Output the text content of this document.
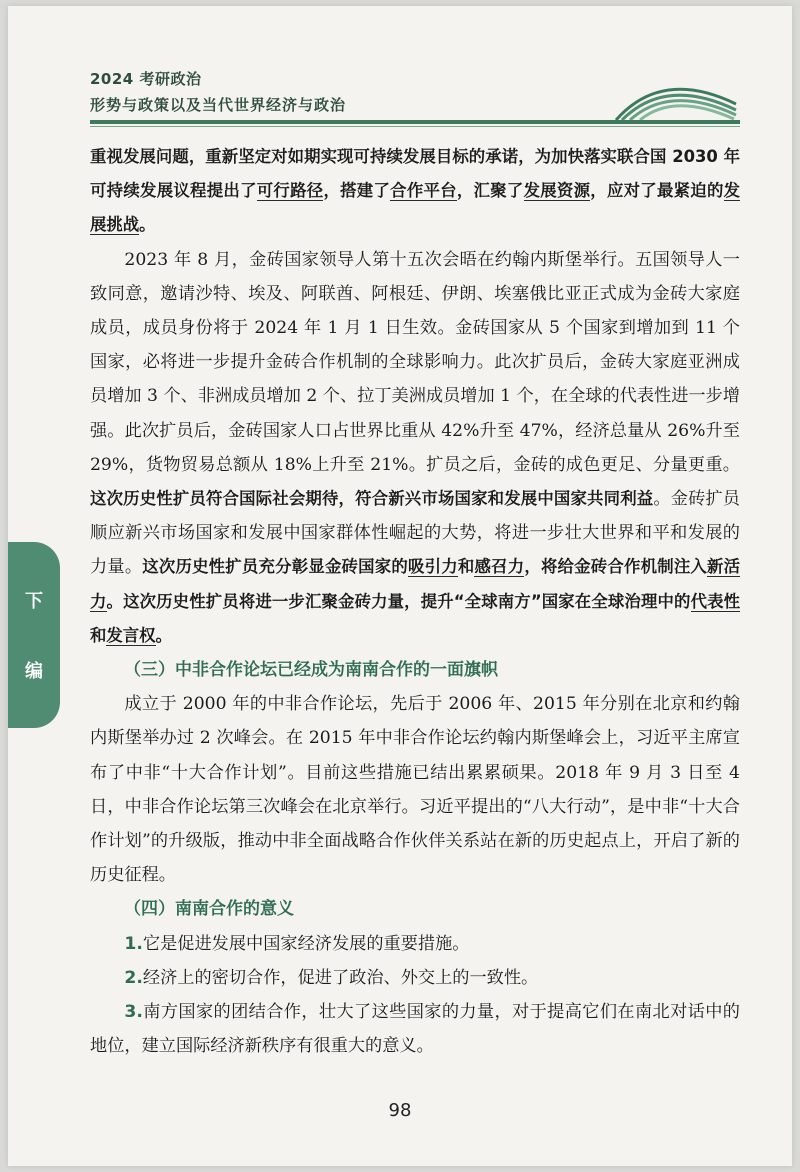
2024 考研政治
形势与政策以及当代世界经济与政治
下
编

重视发展问题，重新坚定对如期实现可持续发展目标的承诺，为加快落实联合国 2030 年可持续发展议程提出了可行路径，搭建了合作平台，汇聚了发展资源，应对了最紧迫的发展挑战。

2023 年 8 月，金砖国家领导人第十五次会晤在约翰内斯堡举行。五国领导人一致同意，邀请沙特、埃及、阿联酋、阿根廷、伊朗、埃塞俄比亚正式成为金砖大家庭成员，成员身份将于 2024 年 1 月 1 日生效。金砖国家从 5 个国家到增加到 11 个国家，必将进一步提升金砖合作机制的全球影响力。此次扩员后，金砖大家庭亚洲成员增加 3 个、非洲成员增加 2 个、拉丁美洲成员增加 1 个，在全球的代表性进一步增强。此次扩员后，金砖国家人口占世界比重从 42%升至 47%，经济总量从 26%升至 29%，货物贸易总额从 18%上升至 21%。扩员之后，金砖的成色更足、分量更重。这次历史性扩员符合国际社会期待，符合新兴市场国家和发展中国家共同利益。金砖扩员顺应新兴市场国家和发展中国家群体性崛起的大势，将进一步壮大世界和平和发展的力量。这次历史性扩员充分彰显金砖国家的吸引力和感召力，将给金砖合作机制注入新活力。这次历史性扩员将进一步汇聚金砖力量，提升“全球南方”国家在全球治理中的代表性和发言权。

（三）中非合作论坛已经成为南南合作的一面旗帜

成立于 2000 年的中非合作论坛，先后于 2006 年、2015 年分别在北京和约翰内斯堡举办过 2 次峰会。在 2015 年中非合作论坛约翰内斯堡峰会上，习近平主席宣布了中非“十大合作计划”。目前这些措施已结出累累硕果。2018 年 9 月 3 日至 4 日，中非合作论坛第三次峰会在北京举行。习近平提出的“八大行动”，是中非“十大合作计划”的升级版，推动中非全面战略合作伙伴关系站在新的历史起点上，开启了新的历史征程。

（四）南南合作的意义

1.它是促进发展中国家经济发展的重要措施。

2.经济上的密切合作，促进了政治、外交上的一致性。

3.南方国家的团结合作，壮大了这些国家的力量，对于提高它们在南北对话中的地位，建立国际经济新秩序有很重大的意义。

98
